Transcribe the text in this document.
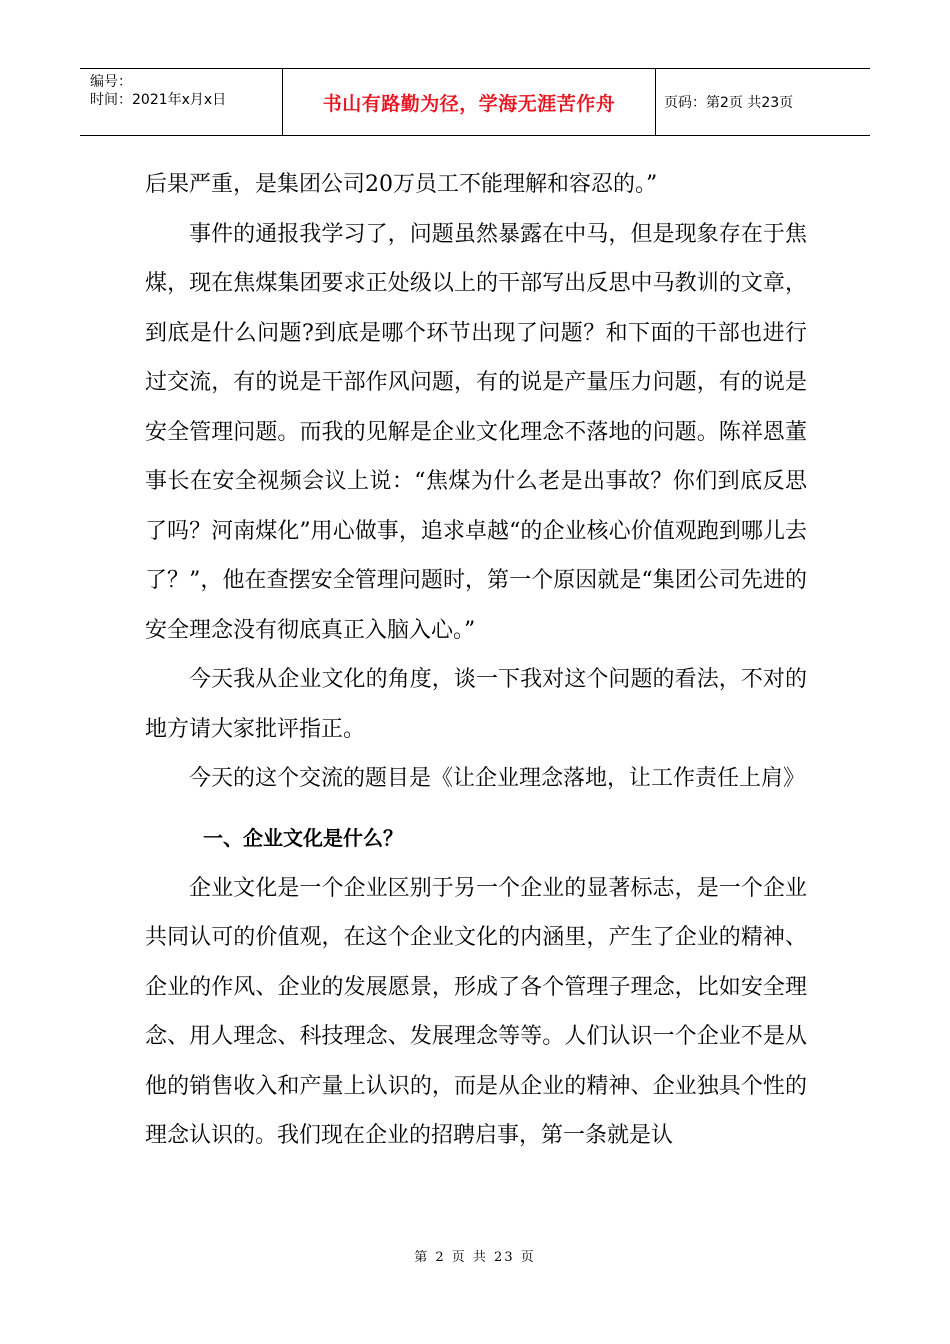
编号：
时间：2021年x月x日	书山有路勤为径，学海无涯苦作舟	页码：第2页 共23页

后果严重，是集团公司20万员工不能理解和容忍的。”

事件的通报我学习了，问题虽然暴露在中马，但是现象存在于焦煤，现在焦煤集团要求正处级以上的干部写出反思中马教训的文章，到底是什么问题?到底是哪个环节出现了问题？和下面的干部也进行过交流，有的说是干部作风问题，有的说是产量压力问题，有的说是安全管理问题。而我的见解是企业文化理念不落地的问题。陈祥恩董事长在安全视频会议上说：“焦煤为什么老是出事故？你们到底反思了吗？河南煤化”用心做事，追求卓越“的企业核心价值观跑到哪儿去了？”，他在查摆安全管理问题时，第一个原因就是“集团公司先进的安全理念没有彻底真正入脑入心。”

今天我从企业文化的角度，谈一下我对这个问题的看法，不对的地方请大家批评指正。

今天的这个交流的题目是《让企业理念落地，让工作责任上肩》

一、企业文化是什么？

企业文化是一个企业区别于另一个企业的显著标志，是一个企业共同认可的价值观，在这个企业文化的内涵里，产生了企业的精神、企业的作风、企业的发展愿景，形成了各个管理子理念，比如安全理念、用人理念、科技理念、发展理念等等。人们认识一个企业不是从他的销售收入和产量上认识的，而是从企业的精神、企业独具个性的理念认识的。我们现在企业的招聘启事，第一条就是认

第 2 页 共 23 页
